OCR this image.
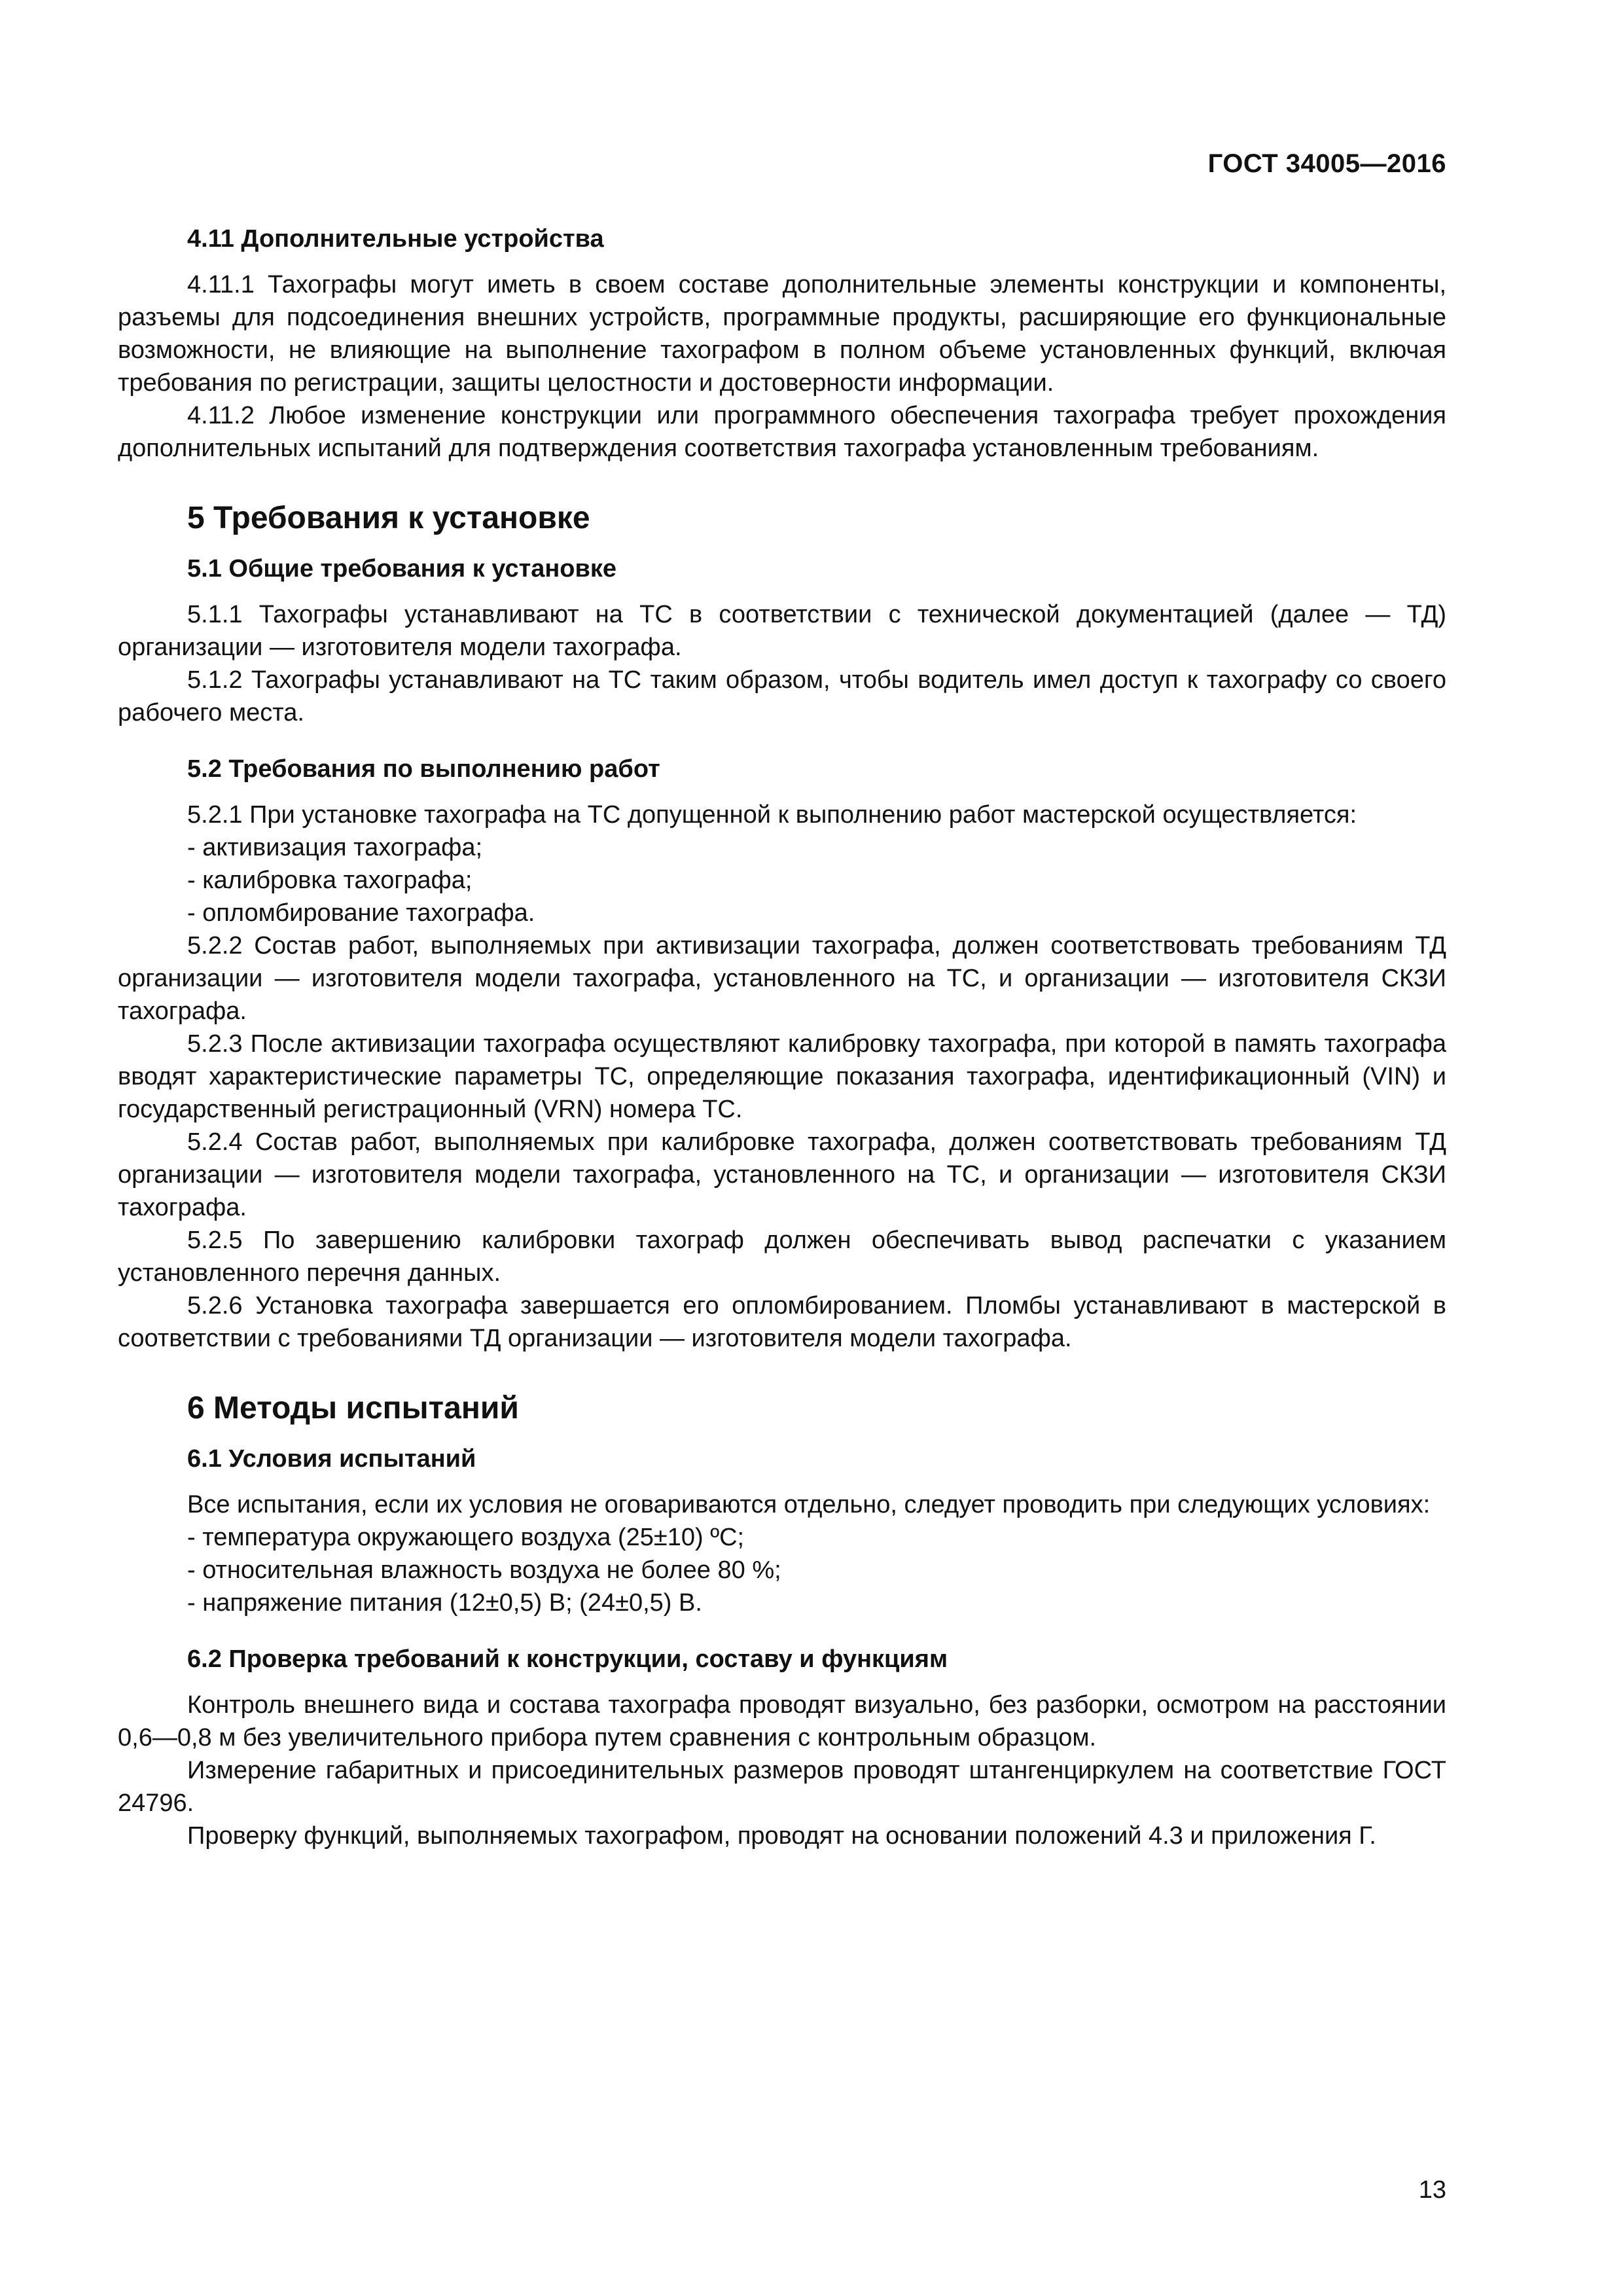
ГОСТ 34005—2016
4.11 Дополнительные устройства

4.11.1 Тахографы могут иметь в своем составе дополнительные элементы конструкции и компоненты, разъемы для подсоединения внешних устройств, программные продукты, расширяющие его функциональные возможности, не влияющие на выполнение тахографом в полном объеме установленных функций, включая требования по регистрации, защиты целостности и достоверности информации.

4.11.2 Любое изменение конструкции или программного обеспечения тахографа требует прохождения дополнительных испытаний для подтверждения соответствия тахографа установленным требованиям.

5 Требования к установке
5.1 Общие требования к установке

5.1.1 Тахографы устанавливают на ТС в соответствии с технической документацией (далее — ТД) организации — изготовителя модели тахографа.

5.1.2 Тахографы устанавливают на ТС таким образом, чтобы водитель имел доступ к тахографу со своего рабочего места.

5.2 Требования по выполнению работ

5.2.1 При установке тахографа на ТС допущенной к выполнению работ мастерской осуществляется:

- активизация тахографа;

- калибровка тахографа;

- опломбирование тахографа.

5.2.2 Состав работ, выполняемых при активизации тахографа, должен соответствовать требованиям ТД организации — изготовителя модели тахографа, установленного на ТС, и организации — изготовителя СКЗИ тахографа.

5.2.3 После активизации тахографа осуществляют калибровку тахографа, при которой в память тахографа вводят характеристические параметры ТС, определяющие показания тахографа, идентификационный (VIN) и государственный регистрационный (VRN) номера ТС.

5.2.4 Состав работ, выполняемых при калибровке тахографа, должен соответствовать требованиям ТД организации — изготовителя модели тахографа, установленного на ТС, и организации — изготовителя СКЗИ тахографа.

5.2.5 По завершению калибровки тахограф должен обеспечивать вывод распечатки с указанием установленного перечня данных.

5.2.6 Установка тахографа завершается его опломбированием. Пломбы устанавливают в мастерской в соответствии с требованиями ТД организации — изготовителя модели тахографа.

6 Методы испытаний
6.1 Условия испытаний

Все испытания, если их условия не оговариваются отдельно, следует проводить при следующих условиях:

- температура окружающего воздуха (25±10) ºС;

- относительная влажность воздуха не более 80 %;

- напряжение питания (12±0,5) В; (24±0,5) В.

6.2 Проверка требований к конструкции, составу и функциям

Контроль внешнего вида и состава тахографа проводят визуально, без разборки, осмотром на расстоянии 0,6—0,8 м без увеличительного прибора путем сравнения с контрольным образцом.

Измерение габаритных и присоединительных размеров проводят штангенциркулем на соответствие ГОСТ 24796.

Проверку функций, выполняемых тахографом, проводят на основании положений 4.3 и приложения Г.

13
